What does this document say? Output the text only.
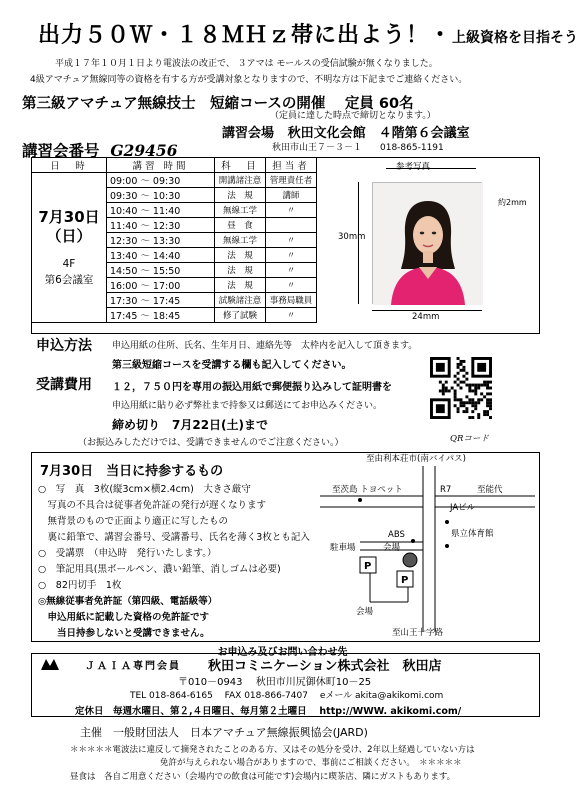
出力５０Ｗ・１８ＭＨｚ帯に出よう！・上級資格を目指そう
平成１７年１０月１日より電波法の改正で、 ３アマは モールスの受信試験が無くなりました。
4級アマチュア無線同等の資格を有する方が受講対象となりますので、不明な方は下記までご連絡ください。
第三級アマチュア無線技士　短縮コースの開催　 定員 60名
（定員に達した時点で締切となります。）
講習会場 秋田文化会館　４階第６会議室
秋田市山王７－３－１　　018-865-1191
講習会番号 G29456
日　時	講習 時間	科　目	担当者

7月30日
（日）
4F
第6会議室	09:00 〜 09:30	開講諸注意	管理責任者
	09:30 〜 10:30	法　規	講師
	10:40 〜 11:40	無線工学	〃
	11:40 〜 12:30	昼　食	
	12:30 〜 13:30	無線工学	〃
	13:40 〜 14:40	法　規	〃
	14:50 〜 15:50	法　規	〃
	16:00 〜 17:00	法　規	〃
	17:30 〜 17:45	試験諸注意	事務局職員
	17:45 〜 18:45	修了試験	〃
参考写真
30mm
約2mm
24mm
申込方法 申込用紙の住所、氏名、生年月日、連絡先等　太枠内を記入して頂きます。
第三級短縮コースを受講する欄も記入してください。
受講費用 １２，７５０円を専用の振込用紙で郵便振り込みして証明書を
申込用紙に貼り必ず弊社まで持参又は郵送にてお申込みください。
締め切り　7月22日(土)まで
（お振込みしただけでは、受講できませんのでご注意ください。）	QRコード
7月30日　当日に持参するもの
○　写　真　3枚(縦3cm×横2.4cm)　大きさ厳守
　写真の不具合は従事者免許証の発行が遅くなります
　無背景のもので正面より適正に写したもの
　裏に鉛筆で、講習会番号、受講番号、氏名を薄く3枚とも記入
○　受講票　（申込時　発行いたします。）
○　筆記用具(黒ボールペン、濃い鉛筆、消しゴムは必要)
○　82円切手　1枚
◎無線従事者免許証（第四級、電話級等）
　申込用紙に記載した資格の免許証です
　　当日持参しないと受講できません。
至由利本荘市(南バイパス)
至茨島 トヨペット	R7	至能代
JAビル
ABS	県立体育館
駐車場	会場
P
P
会場
至山王十字路
お申込み及びお問い合わせ先
ＪＡＩＡ専門会員 秋田コミニケーション株式会社　秋田店
〒010－0943　 秋田市川尻御休町10－25
TEL 018-864-6165　 FAX 018-866-7407　 eメール akita@akikomi.com
定休日　毎週水曜日、第２,４日曜日、毎月第２土曜日　 http://WWW. akikomi.com/
主催　一般財団法人　日本アマチュア無線振興協会(JARD)
＊＊＊＊＊電波法に違反して摘発されたことのある方、又はその処分を受け、2年以上経過していない方は
免許が与えられない場合がありますので、事前にご相談ください。　＊＊＊＊＊
昼食は　各自ご用意ください（会場内での飲食は可能です)会場内に喫茶店、隣にガストもあります。
